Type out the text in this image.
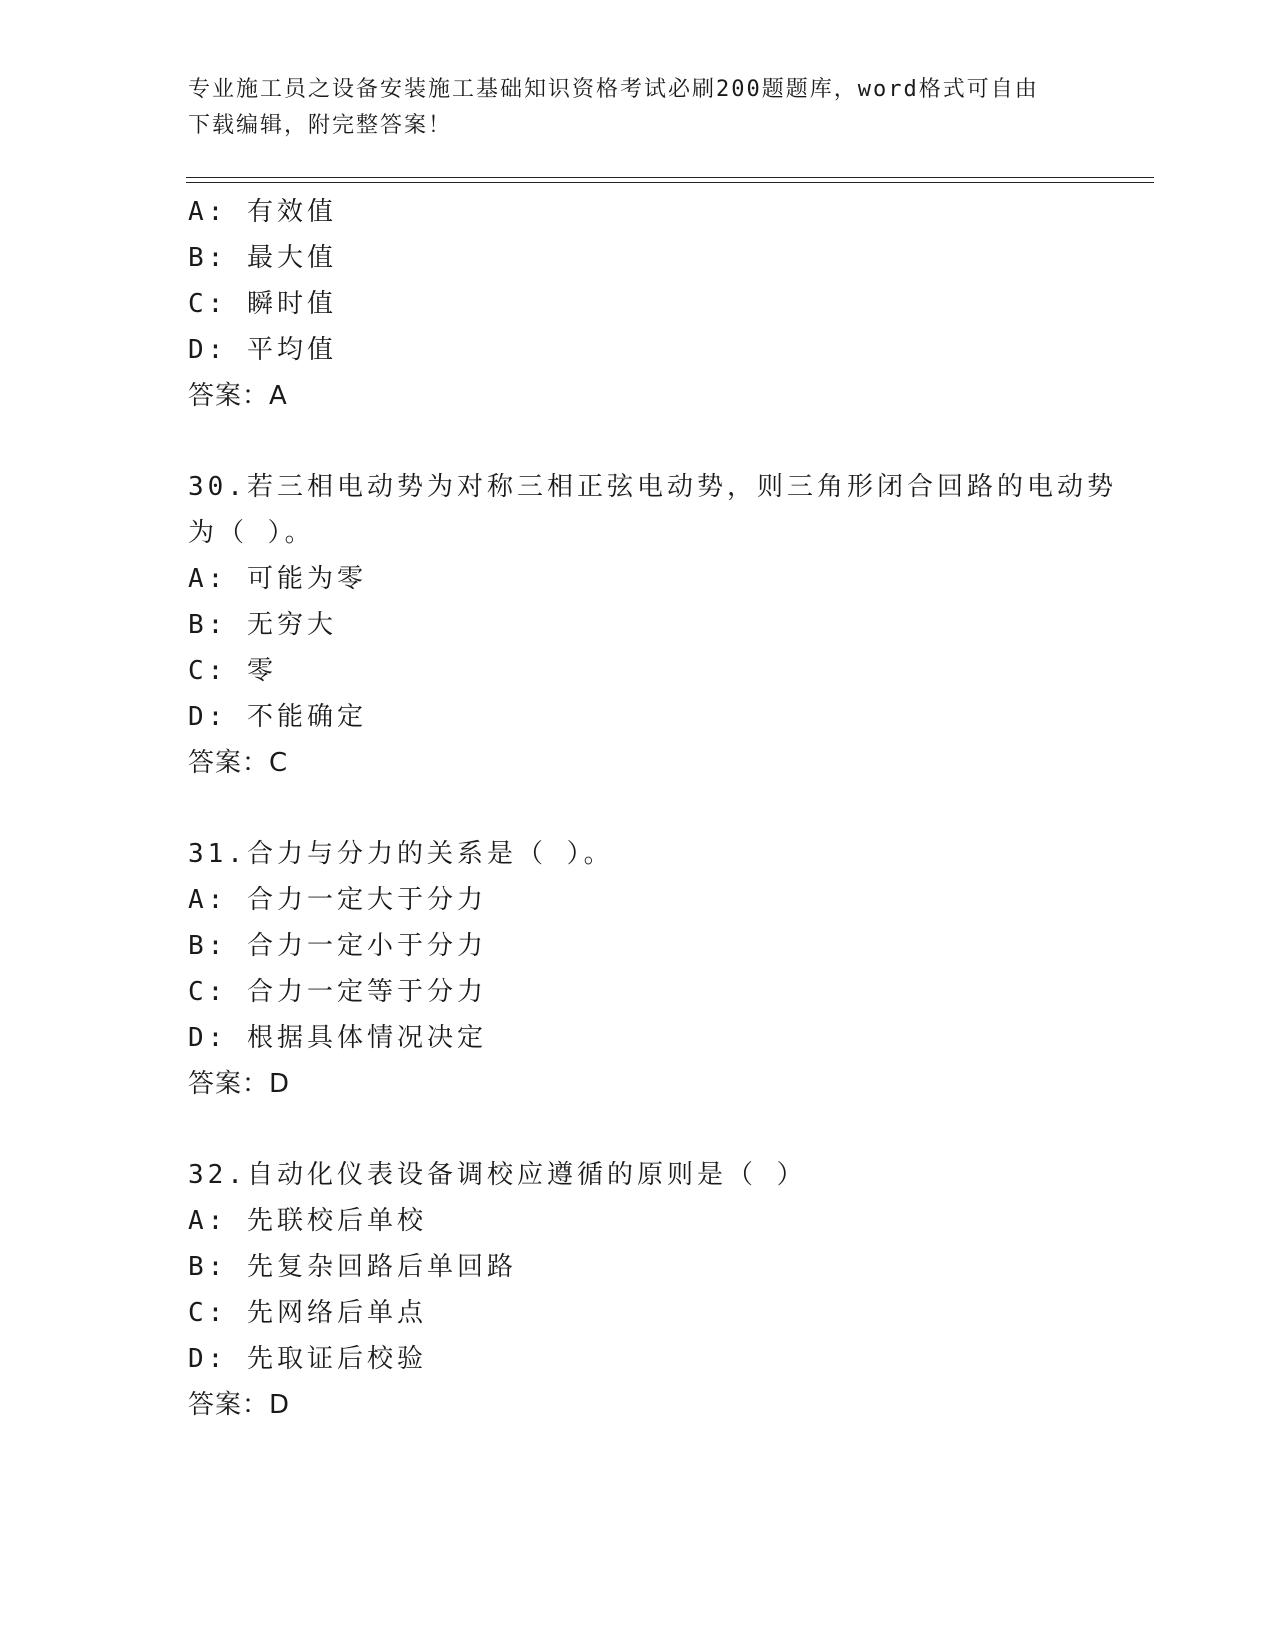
专业施工员之设备安装施工基础知识资格考试必刷200题题库，word格式可自由
下载编辑，附完整答案！
A: 有效值
B: 最大值
C: 瞬时值
D: 平均值
答案：A
30.若三相电动势为对称三相正弦电动势，则三角形闭合回路的电动势
为（ ）。
A: 可能为零
B: 无穷大
C: 零
D: 不能确定
答案：C
31.合力与分力的关系是（ ）。
A: 合力一定大于分力
B: 合力一定小于分力
C: 合力一定等于分力
D: 根据具体情况决定
答案：D
32.自动化仪表设备调校应遵循的原则是（ ）
A: 先联校后单校
B: 先复杂回路后单回路
C: 先网络后单点
D: 先取证后校验
答案：D
